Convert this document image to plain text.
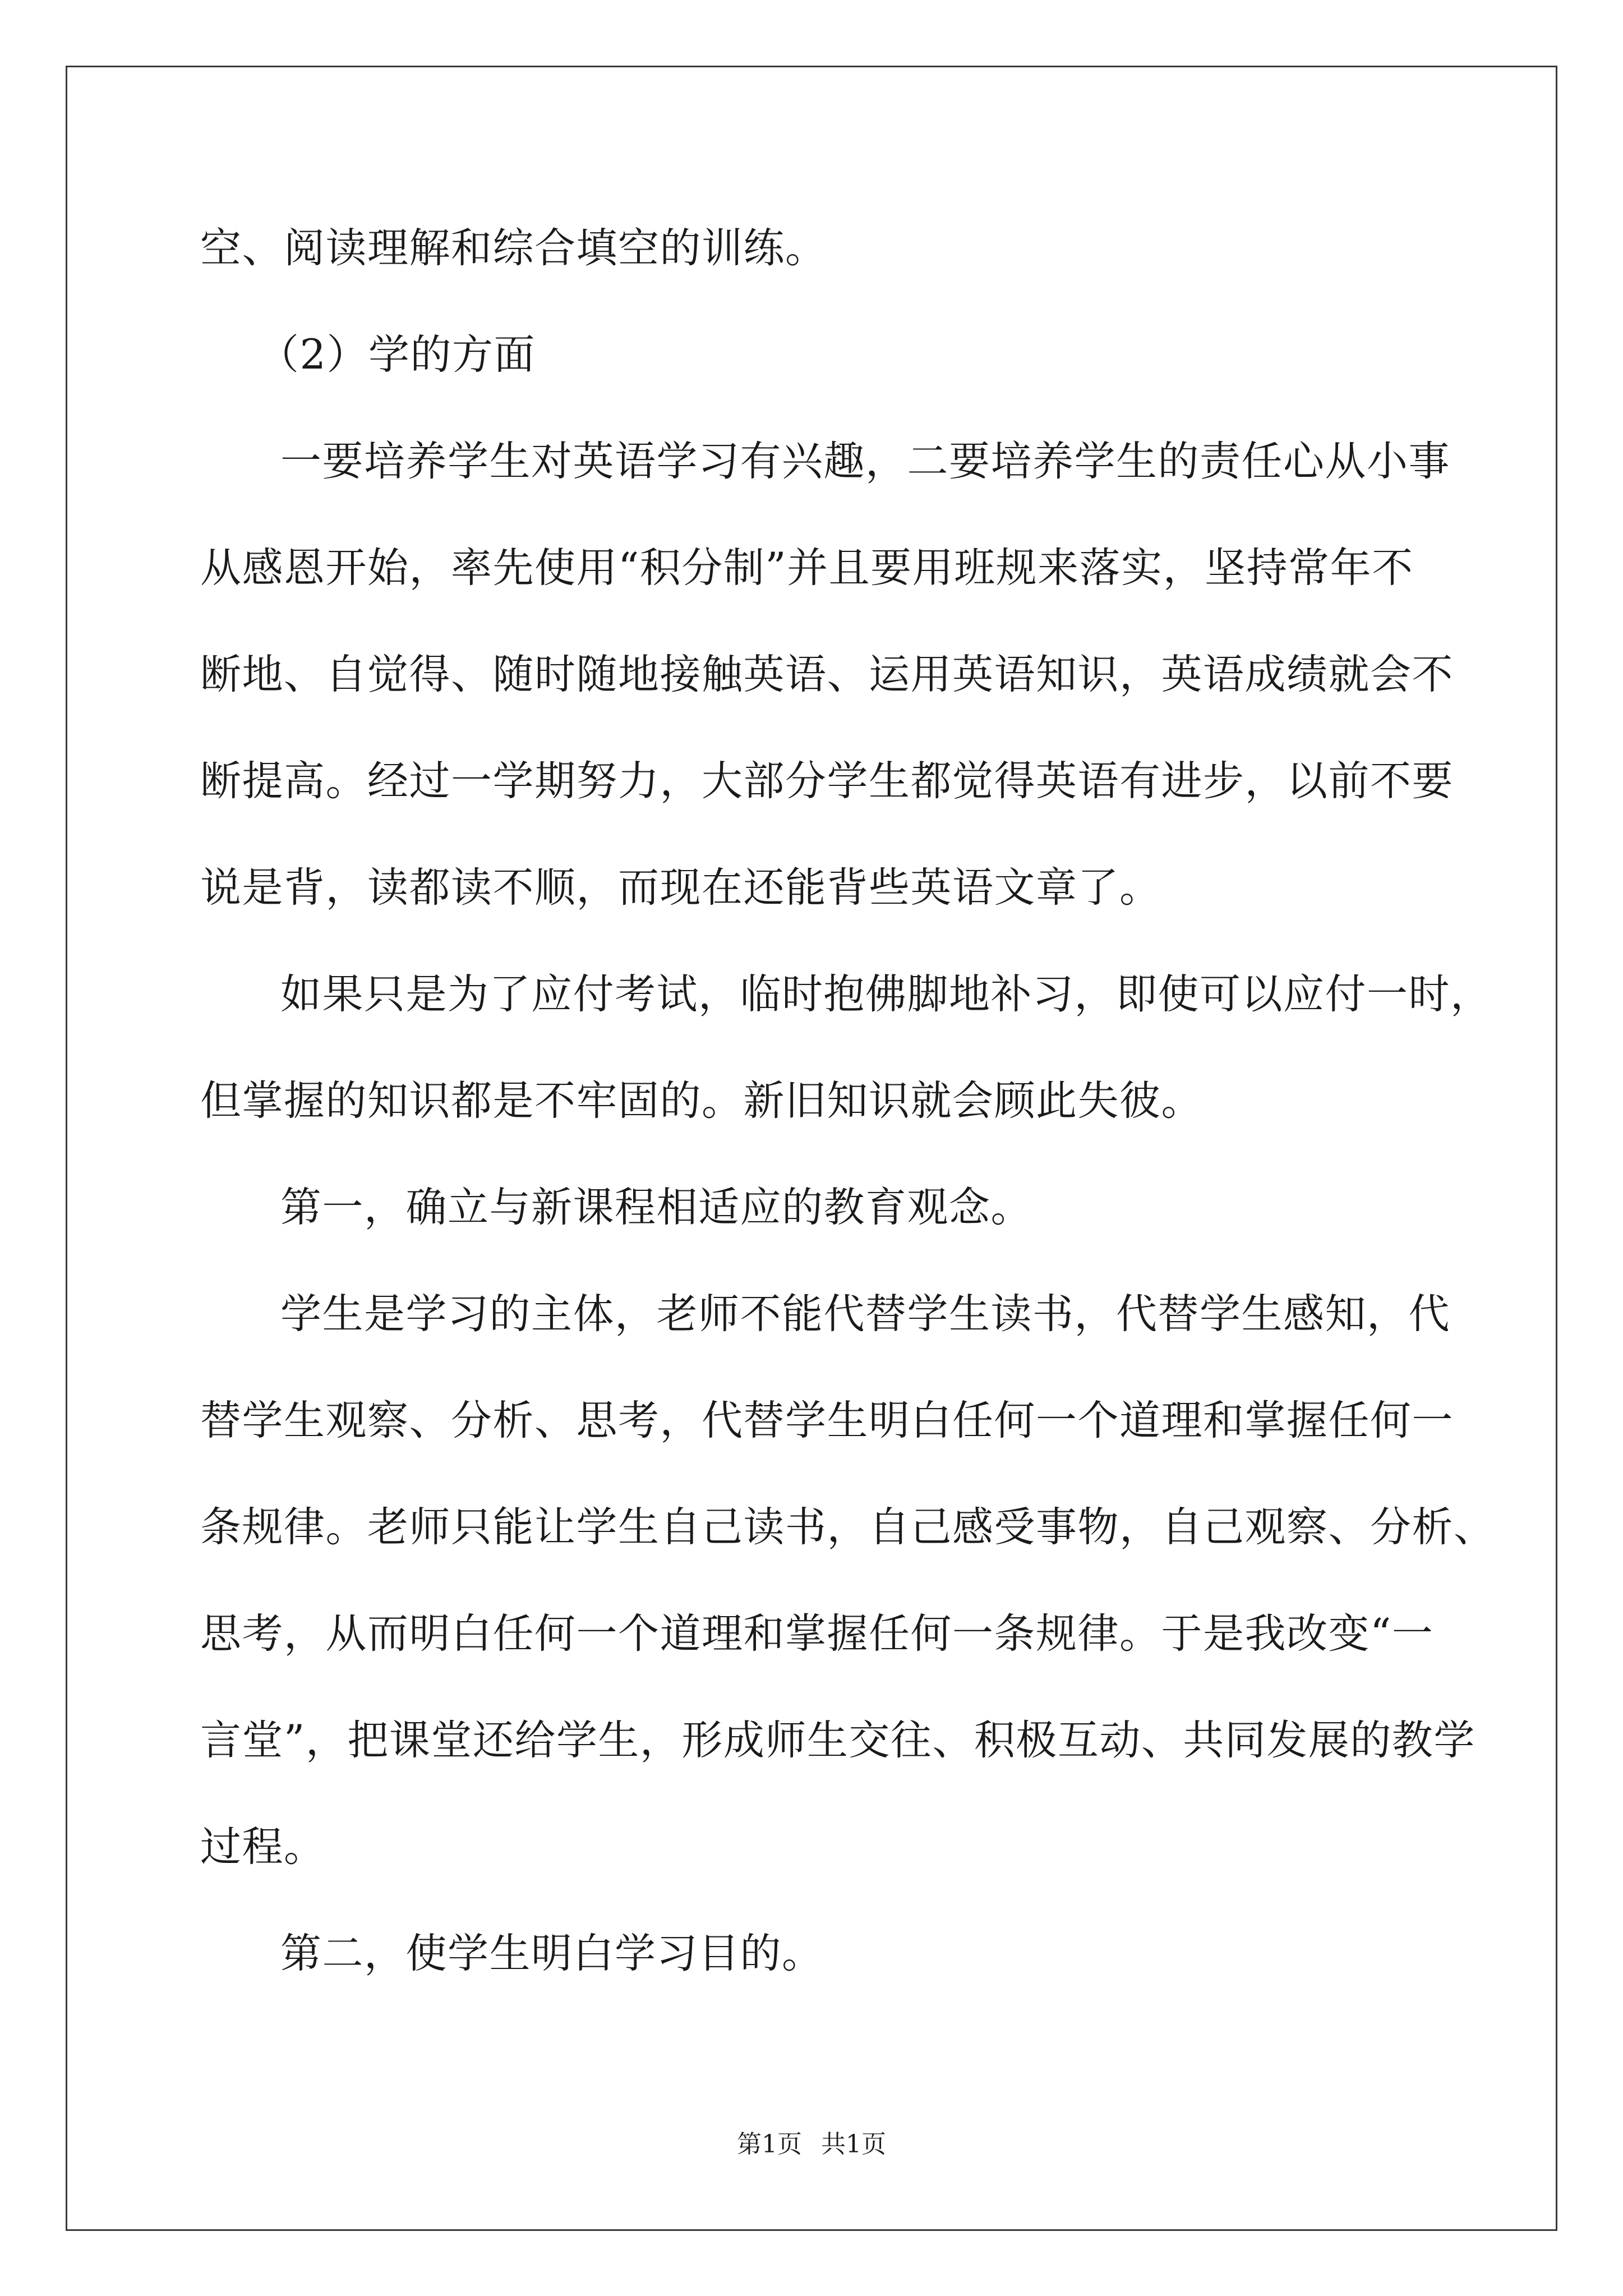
空、阅读理解和综合填空的训练。
（2）学的方面
一要培养学生对英语学习有兴趣，二要培养学生的责任心从小事
从感恩开始，率先使用“积分制”并且要用班规来落实，坚持常年不
断地、自觉得、随时随地接触英语、运用英语知识，英语成绩就会不
断提高。经过一学期努力，大部分学生都觉得英语有进步，以前不要
说是背，读都读不顺，而现在还能背些英语文章了。
如果只是为了应付考试，临时抱佛脚地补习，即使可以应付一时，
但掌握的知识都是不牢固的。新旧知识就会顾此失彼。
第一，确立与新课程相适应的教育观念。
学生是学习的主体，老师不能代替学生读书，代替学生感知，代
替学生观察、分析、思考，代替学生明白任何一个道理和掌握任何一
条规律。老师只能让学生自己读书，自己感受事物，自己观察、分析、
思考，从而明白任何一个道理和掌握任何一条规律。于是我改变“一
言堂”，把课堂还给学生，形成师生交往、积极互动、共同发展的教学
过程。
第二，使学生明白学习目的。
第1页 共1页
